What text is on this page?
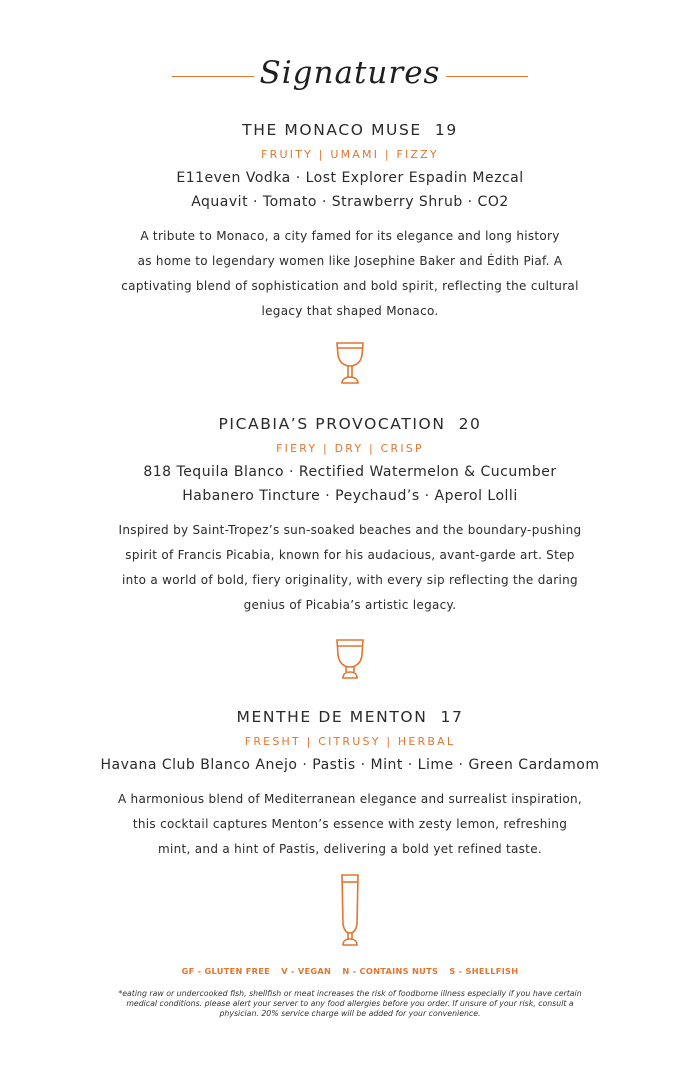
Signatures
THE MONACO MUSE 19
FRUITY | UMAMI | FIZZY
E11even Vodka · Lost Explorer Espadin Mezcal
Aquavit · Tomato · Strawberry Shrub · CO2
A tribute to Monaco, a city famed for its elegance and long history
as home to legendary women like Josephine Baker and Édith Piaf. A
captivating blend of sophistication and bold spirit, reflecting the cultural
legacy that shaped Monaco.
PICABIA’S PROVOCATION 20
FIERY | DRY | CRISP
818 Tequila Blanco · Rectified Watermelon & Cucumber
Habanero Tincture · Peychaud’s · Aperol Lolli
Inspired by Saint-Tropez’s sun-soaked beaches and the boundary-pushing
spirit of Francis Picabia, known for his audacious, avant-garde art. Step
into a world of bold, fiery originality, with every sip reflecting the daring
genius of Picabia’s artistic legacy.
MENTHE DE MENTON 17
FRESHT | CITRUSY | HERBAL
Havana Club Blanco Anejo · Pastis · Mint · Lime · Green Cardamom
A harmonious blend of Mediterranean elegance and surrealist inspiration,
this cocktail captures Menton’s essence with zesty lemon, refreshing
mint, and a hint of Pastis, delivering a bold yet refined taste.
GF - GLUTEN FREE V - VEGAN N - CONTAINS NUTS S - SHELLFISH
*eating raw or undercooked fish, shellfish or meat increases the risk of foodborne illness especially if you have certain
medical conditions. please alert your server to any food allergies before you order. If unsure of your risk, consult a
physician. 20% service charge will be added for your convenience.
